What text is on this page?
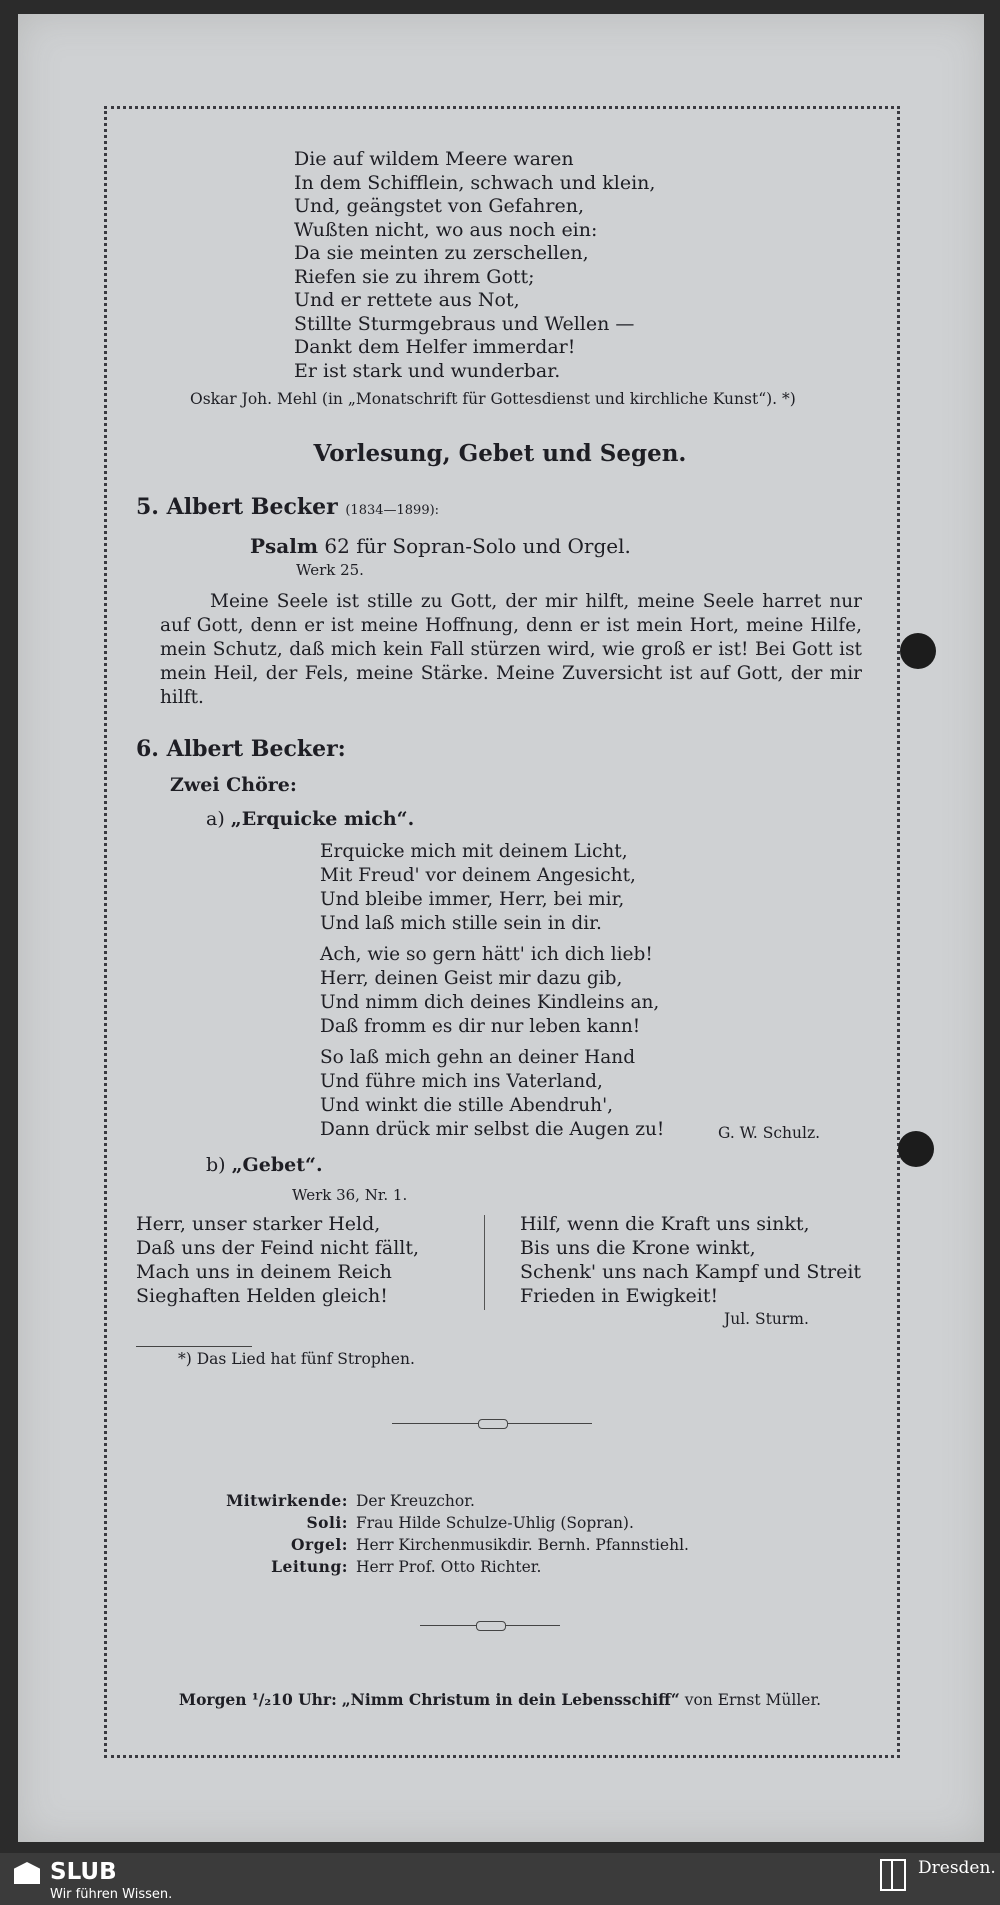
Die auf wildem Meere waren
In dem Schifflein, schwach und klein,
Und, geängstet von Gefahren,
Wußten nicht, wo aus noch ein:
Da sie meinten zu zerschellen,
Riefen sie zu ihrem Gott;
Und er rettete aus Not,
Stillte Sturmgebraus und Wellen —
Dankt dem Helfer immerdar!
Er ist stark und wunderbar.
Oskar Joh. Mehl (in „Monatschrift für Gottesdienst und kirchliche Kunst“). *)
Vorlesung, Gebet und Segen.
5. Albert Becker (1834—1899):
Psalm 62 für Sopran-Solo und Orgel.
Werk 25.
Meine Seele ist stille zu Gott, der mir hilft, meine Seele harret nur auf Gott, denn er ist meine Hoffnung, denn er ist mein Hort, meine Hilfe, mein Schutz, daß mich kein Fall stürzen wird, wie groß er ist! Bei Gott ist mein Heil, der Fels, meine Stärke. Meine Zuversicht ist auf Gott, der mir hilft.
6. Albert Becker:
Zwei Chöre:
a) „Erquicke mich“.
Erquicke mich mit deinem Licht,
Mit Freud' vor deinem Angesicht,
Und bleibe immer, Herr, bei mir,
Und laß mich stille sein in dir.
Ach, wie so gern hätt' ich dich lieb!
Herr, deinen Geist mir dazu gib,
Und nimm dich deines Kindleins an,
Daß fromm es dir nur leben kann!
So laß mich gehn an deiner Hand
Und führe mich ins Vaterland,
Und winkt die stille Abendruh',
Dann drück mir selbst die Augen zu!	G. W. Schulz.
b) „Gebet“.
Werk 36, Nr. 1.
Herr, unser starker Held,
Daß uns der Feind nicht fällt,
Mach uns in deinem Reich
Sieghaften Helden gleich!
Hilf, wenn die Kraft uns sinkt,
Bis uns die Krone winkt,
Schenk' uns nach Kampf und Streit
Frieden in Ewigkeit!
Jul. Sturm.
*) Das Lied hat fünf Strophen.
Mitwirkende: Der Kreuzchor.
Soli: Frau Hilde Schulze-Uhlig (Sopran).
Orgel: Herr Kirchenmusikdir. Bernh. Pfannstiehl.
Leitung: Herr Prof. Otto Richter.
Morgen ¹/₂10 Uhr: „Nimm Christum in dein Lebensschiff“ von Ernst Müller.
SLUB
Wir führen Wissen.
Dresden.
